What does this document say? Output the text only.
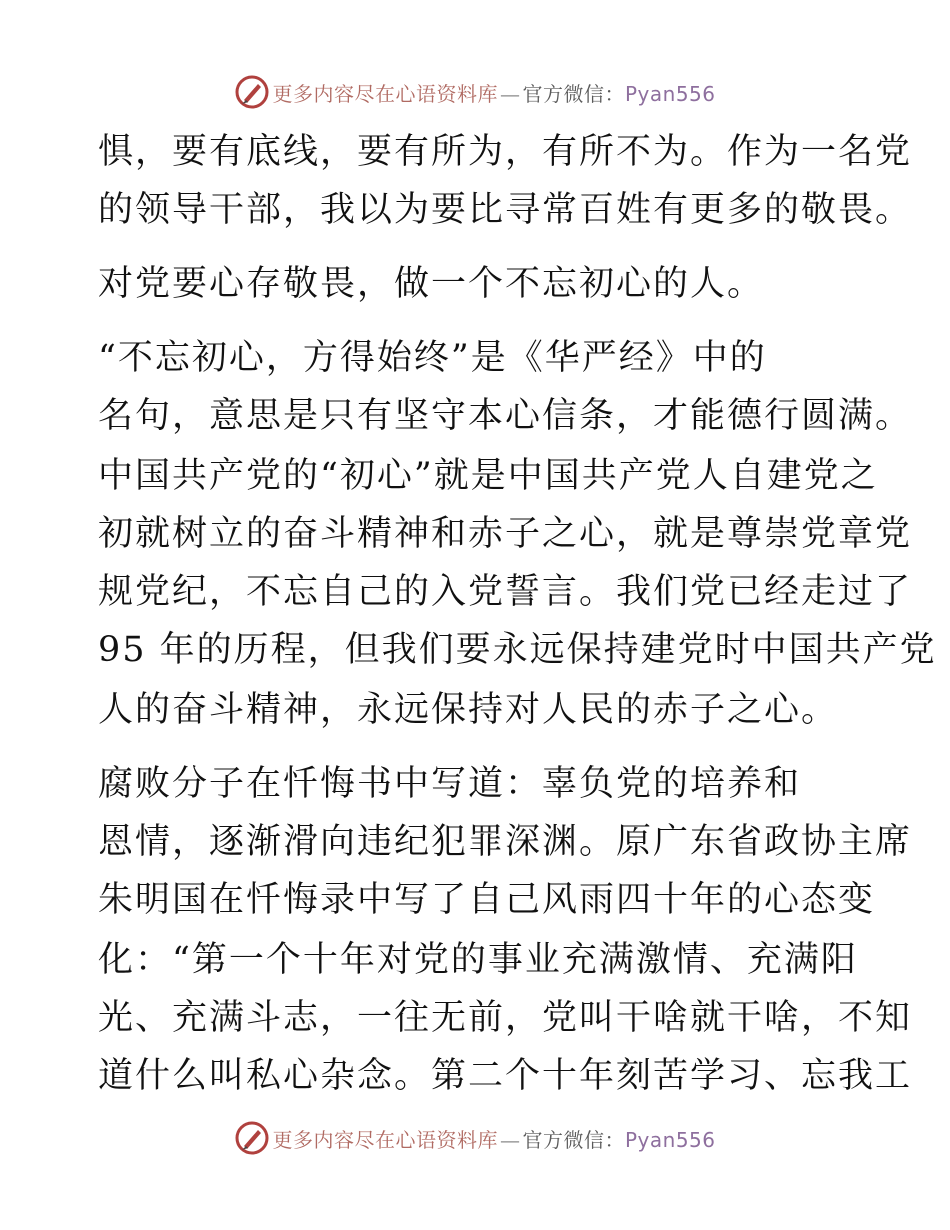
更多内容尽在心语资料库 — 官方微信：Pyan556
惧，要有底线，要有所为，有所不为。作为一名党
的领导干部，我以为要比寻常百姓有更多的敬畏。
对党要心存敬畏，做一个不忘初心的人。
“不忘初心，方得始终”是《华严经》中的
名句，意思是只有坚守本心信条，才能德行圆满。
中国共产党的“初心”就是中国共产党人自建党之
初就树立的奋斗精神和赤子之心，就是尊崇党章党
规党纪，不忘自己的入党誓言。我们党已经走过了
95 年的历程，但我们要永远保持建党时中国共产党
人的奋斗精神，永远保持对人民的赤子之心。
腐败分子在忏悔书中写道：辜负党的培养和
恩情，逐渐滑向违纪犯罪深渊。原广东省政协主席
朱明国在忏悔录中写了自己风雨四十年的心态变
化：“第一个十年对党的事业充满激情、充满阳
光、充满斗志，一往无前，党叫干啥就干啥，不知
道什么叫私心杂念。第二个十年刻苦学习、忘我工
更多内容尽在心语资料库 — 官方微信：Pyan556
